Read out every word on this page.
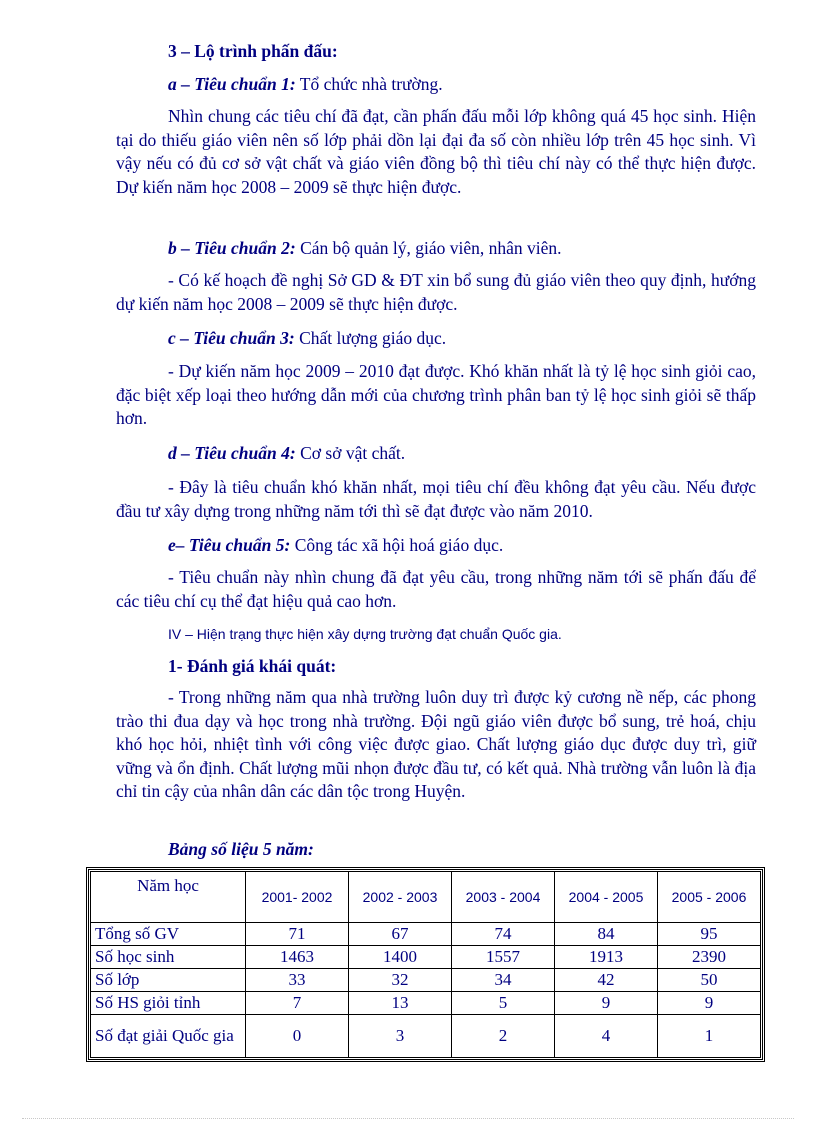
3 – Lộ trình phấn đấu:

a – Tiêu chuẩn 1: Tổ chức nhà trường.

Nhìn chung các tiêu chí đã đạt, cần phấn đấu mỗi lớp không quá 45 học sinh. Hiện tại do thiếu giáo viên nên số lớp phải dồn lại đại đa số còn nhiều lớp trên 45 học sinh. Vì vậy nếu có đủ cơ sở vật chất và giáo viên đồng bộ thì tiêu chí này có thể thực hiện được. Dự kiến năm học 2008 – 2009 sẽ thực hiện được.

b – Tiêu chuẩn 2: Cán bộ quản lý, giáo viên, nhân viên.

- Có kế hoạch đề nghị Sở GD & ĐT xin bổ sung đủ giáo viên theo quy định, hướng dự kiến năm học 2008 – 2009 sẽ thực hiện được.

c – Tiêu chuẩn 3: Chất lượng giáo dục.

- Dự kiến năm học 2009 – 2010 đạt được. Khó khăn nhất là tỷ lệ học sinh giỏi cao, đặc biệt xếp loại theo hướng dẫn mới của chương trình phân ban tỷ lệ học sinh giỏi sẽ thấp hơn.

d – Tiêu chuẩn 4: Cơ sở vật chất.

- Đây là tiêu chuẩn khó khăn nhất, mọi tiêu chí đều không đạt yêu cầu. Nếu được đầu tư xây dựng trong những năm tới thì sẽ đạt được vào năm 2010.

e– Tiêu chuẩn 5: Công tác xã hội hoá giáo dục.

- Tiêu chuẩn này nhìn chung đã đạt yêu cầu, trong những năm tới sẽ phấn đấu để các tiêu chí cụ thể đạt hiệu quả cao hơn.

IV – Hiện trạng thực hiện xây dựng trường đạt chuẩn Quốc gia.

1- Đánh giá khái quát:

- Trong những năm qua nhà trường luôn duy trì được kỷ cương nề nếp, các phong trào thi đua dạy và học trong nhà trường. Đội ngũ giáo viên được bổ sung, trẻ hoá, chịu khó học hỏi, nhiệt tình với công việc được giao. Chất lượng giáo dục được duy trì, giữ vững và ổn định. Chất lượng mũi nhọn được đầu tư, có kết quả. Nhà trường vẫn luôn là địa chỉ tin cậy của nhân dân các dân tộc trong Huyện.

Bảng số liệu 5 năm:

Năm học	2001- 2002	2002 - 2003	2003 - 2004	2004 - 2005	2005 - 2006
Tổng số GV	71	67	74	84	95
Số học sinh	1463	1400	1557	1913	2390
Số lớp	33	32	34	42	50
Số HS giỏi tỉnh	7	13	5	9	9
Số đạt giải Quốc gia	0	3	2	4	1
